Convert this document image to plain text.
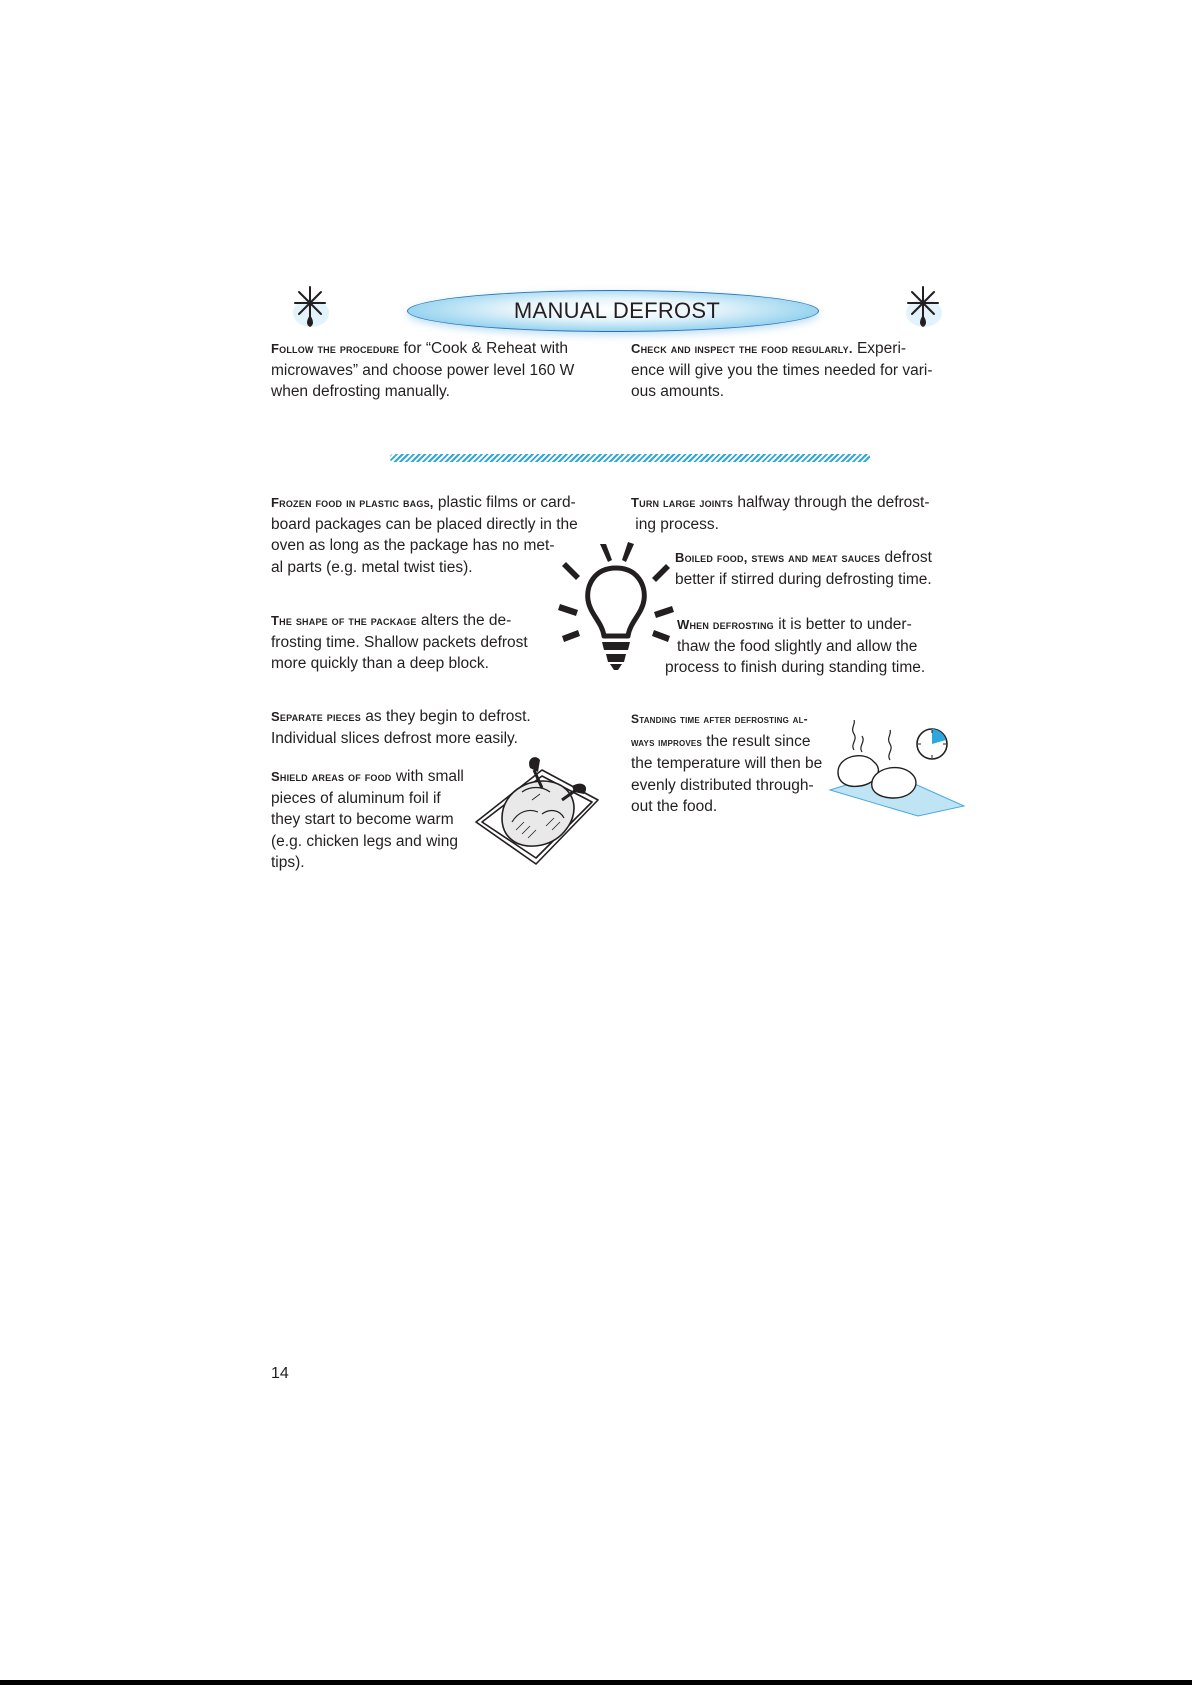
MANUAL DEFROST
Follow the procedure for “Cook & Reheat with
microwaves” and choose power level 160 W
when defrosting manually.
Check and inspect the food regularly. Experi-
ence will give you the times needed for vari-
ous amounts.
Frozen food in plastic bags, plastic films or card-
board packages can be placed directly in the
oven as long as the package has no met-
al parts (e.g. metal twist ties).
The shape of the package alters the de-
frosting time. Shallow packets defrost
more quickly than a deep block.
Separate pieces as they begin to defrost.
Individual slices defrost more easily.
Shield areas of food with small
pieces of aluminum foil if
they start to become warm
(e.g. chicken legs and wing
tips).
Turn large joints halfway through the defrost-
ing process.
Boiled food, stews and meat sauces defrost
better if stirred during defrosting time.
When defrosting it is better to under-
thaw the food slightly and allow the
process to finish during standing time.
Standing time after defrosting al-
ways improves the result since
the temperature will then be
evenly distributed through-
out the food.
14
